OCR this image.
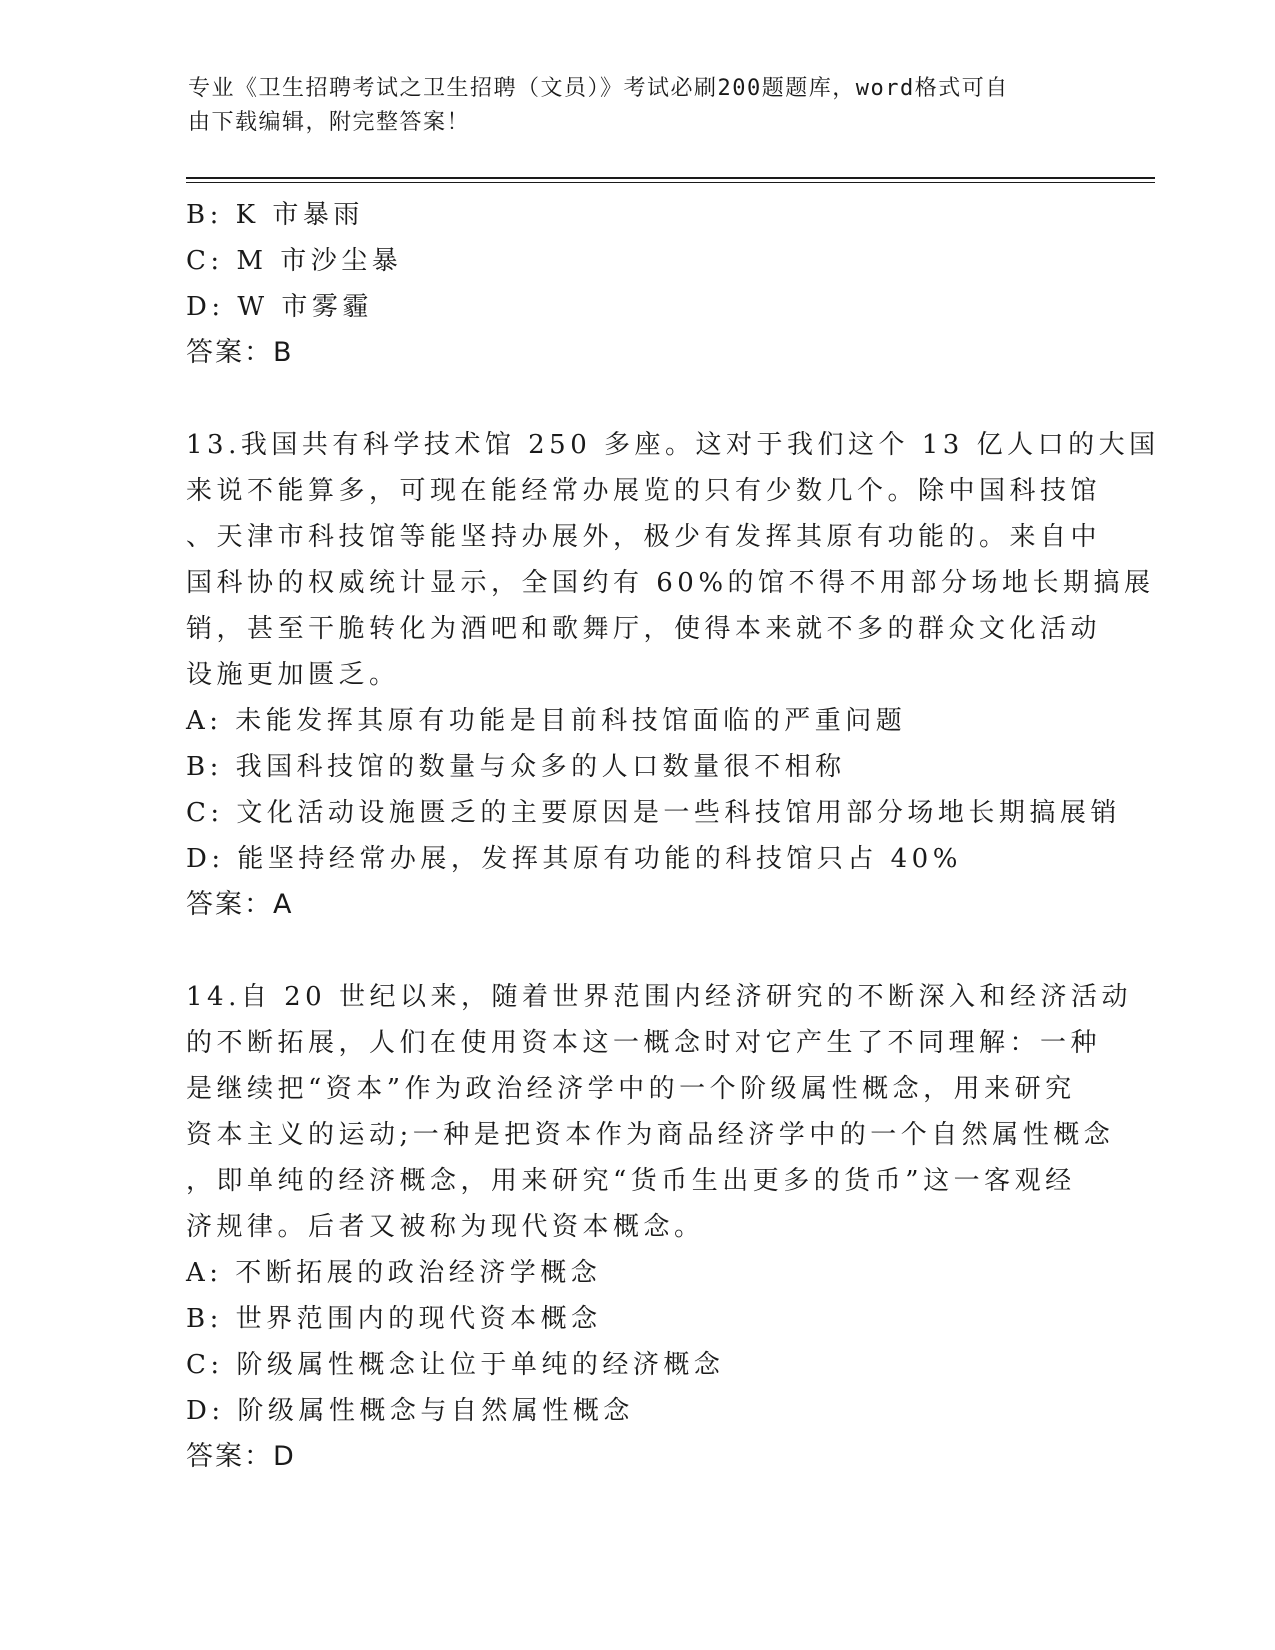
专业《卫生招聘考试之卫生招聘（文员）》考试必刷200题题库，word格式可自
由下载编辑，附完整答案！
B: K 市暴雨
C: M 市沙尘暴
D: W 市雾霾
答案：B
13.我国共有科学技术馆 250 多座。这对于我们这个 13 亿人口的大国
来说不能算多，可现在能经常办展览的只有少数几个。除中国科技馆
、天津市科技馆等能坚持办展外，极少有发挥其原有功能的。来自中
国科协的权威统计显示，全国约有 60%的馆不得不用部分场地长期搞展
销，甚至干脆转化为酒吧和歌舞厅，使得本来就不多的群众文化活动
设施更加匮乏。
A: 未能发挥其原有功能是目前科技馆面临的严重问题
B: 我国科技馆的数量与众多的人口数量很不相称
C: 文化活动设施匮乏的主要原因是一些科技馆用部分场地长期搞展销
D: 能坚持经常办展，发挥其原有功能的科技馆只占 40%
答案：A
14.自 20 世纪以来，随着世界范围内经济研究的不断深入和经济活动
的不断拓展，人们在使用资本这一概念时对它产生了不同理解：一种
是继续把“资本”作为政治经济学中的一个阶级属性概念，用来研究
资本主义的运动;一种是把资本作为商品经济学中的一个自然属性概念
，即单纯的经济概念，用来研究“货币生出更多的货币”这一客观经
济规律。后者又被称为现代资本概念。
A: 不断拓展的政治经济学概念
B: 世界范围内的现代资本概念
C: 阶级属性概念让位于单纯的经济概念
D: 阶级属性概念与自然属性概念
答案：D
